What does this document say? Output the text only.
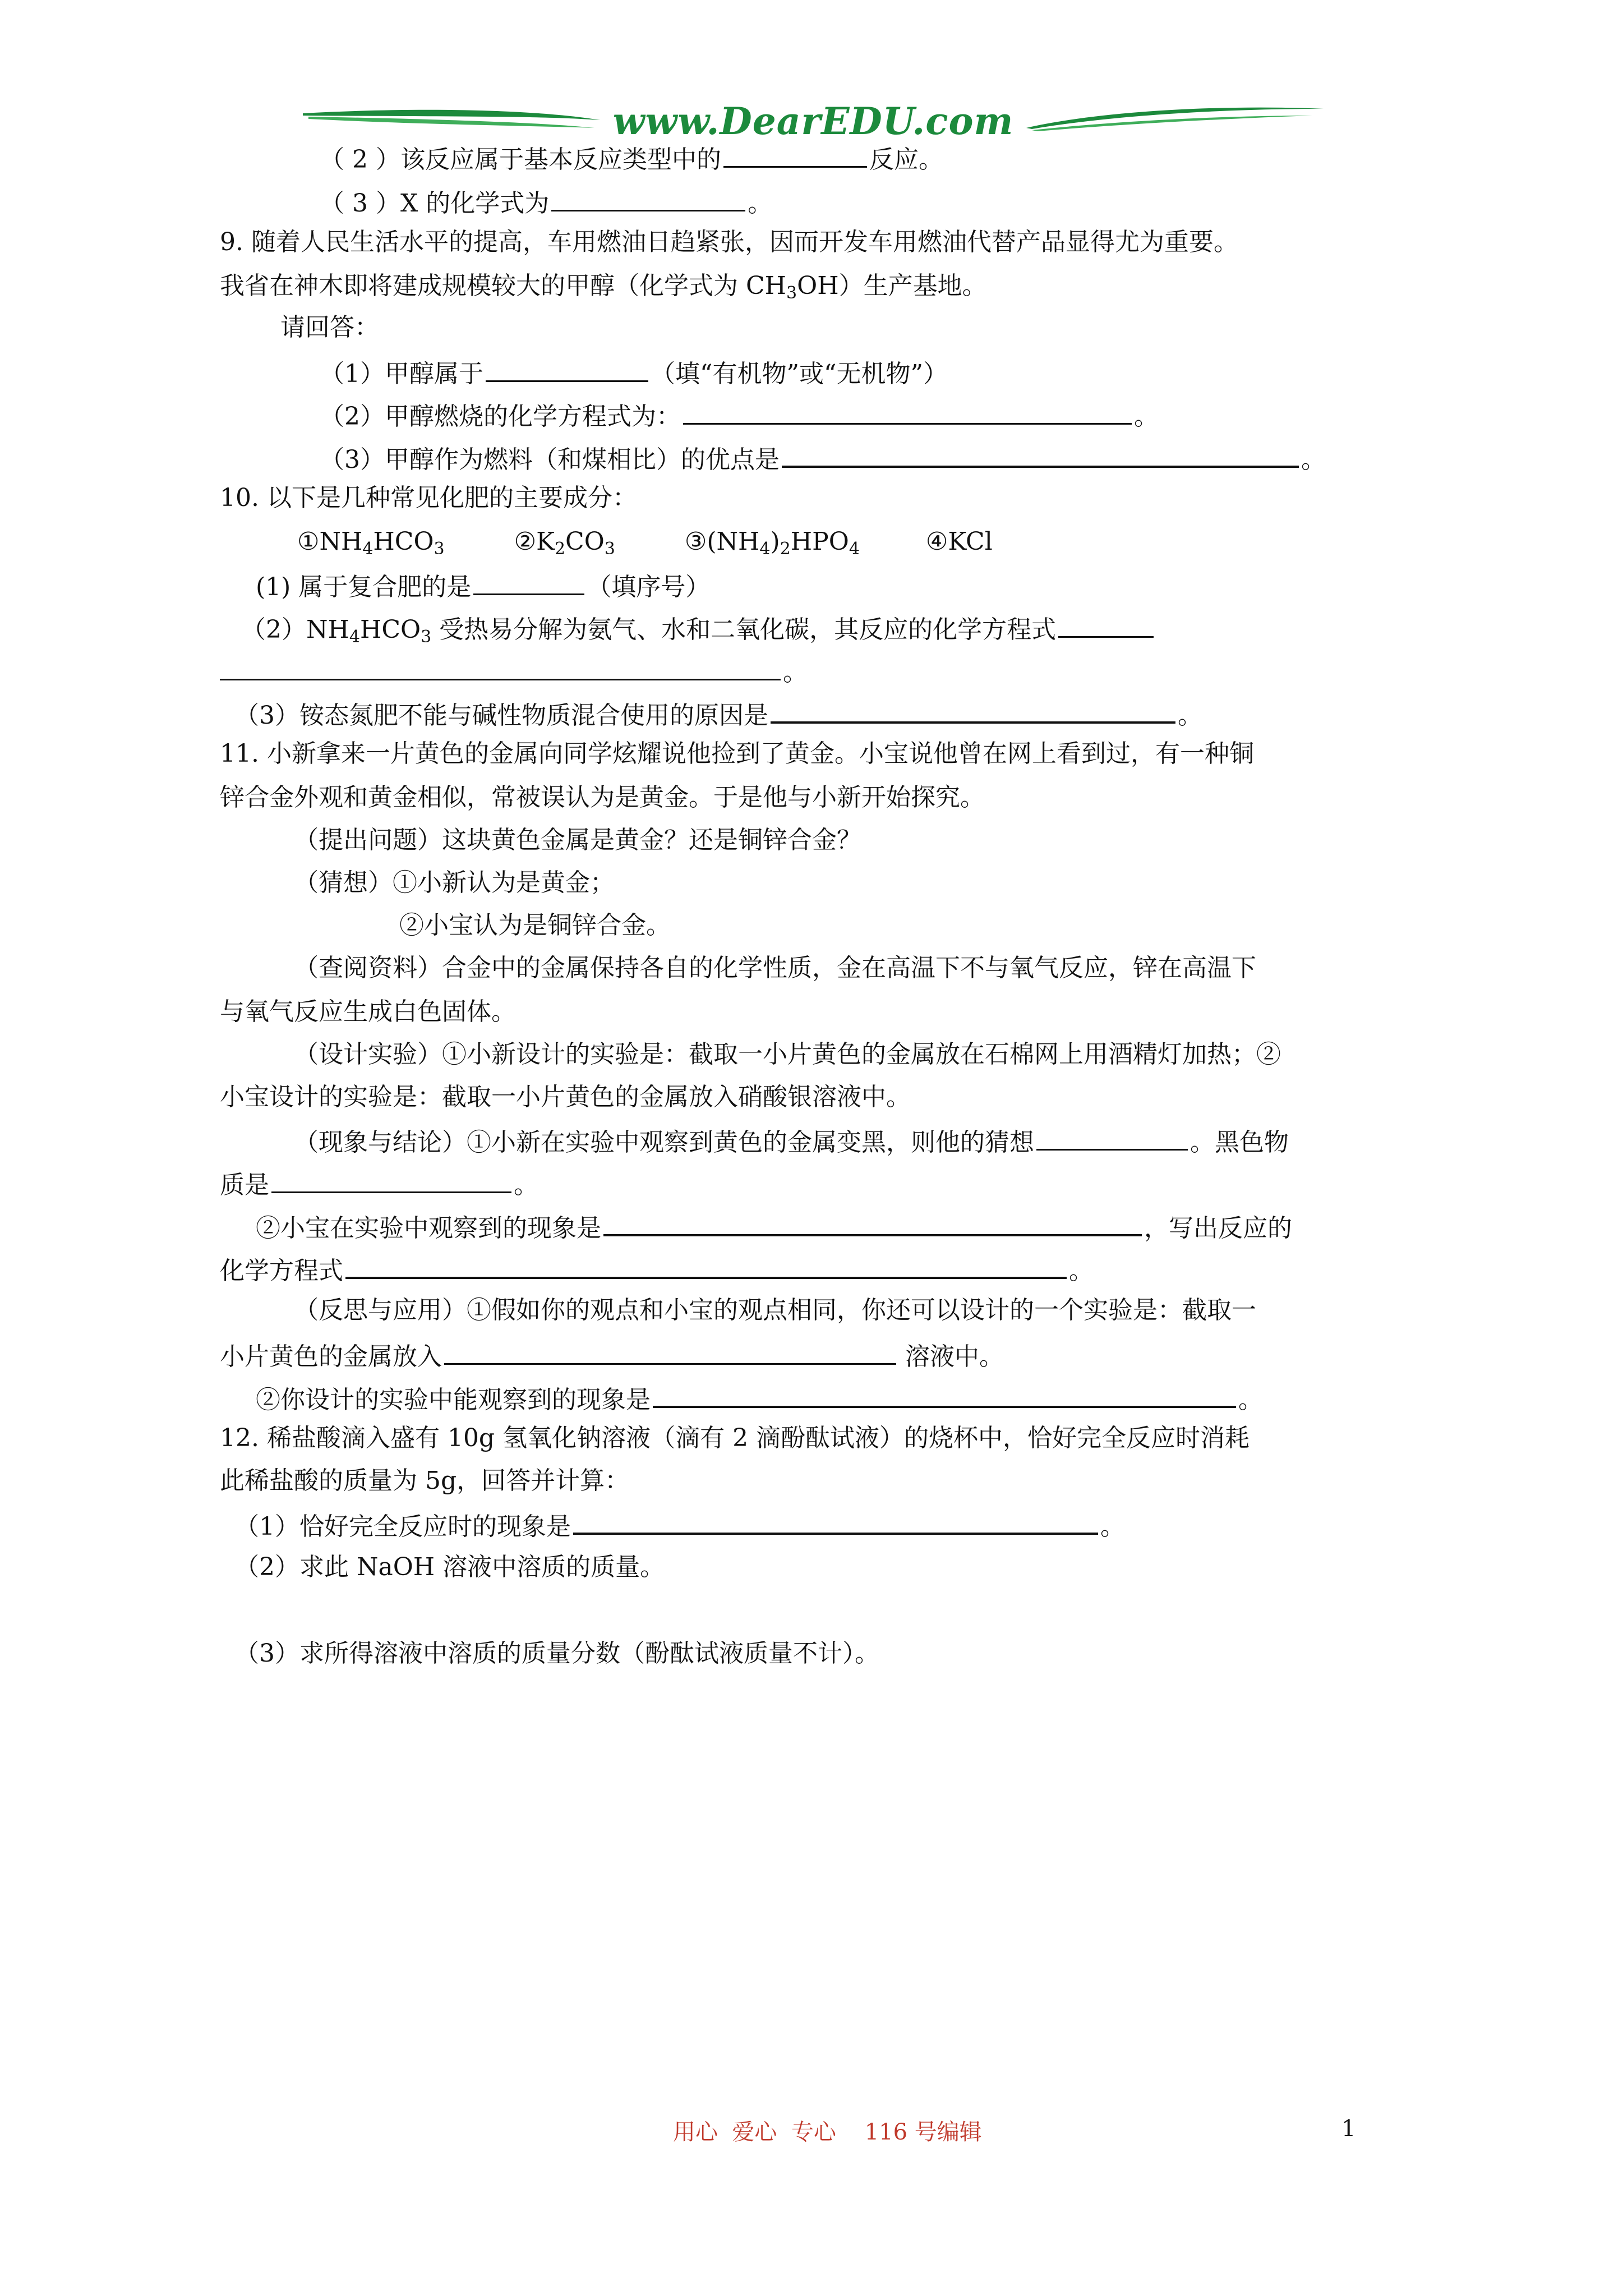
www.DearEDU.com
（ 2 ）该反应属于基本反应类型中的	反应。
（ 3 ）X 的化学式为	。
9. 随着人民生活水平的提高，车用燃油日趋紧张，因而开发车用燃油代替产品显得尤为重要。
我省在神木即将建成规模较大的甲醇（化学式为 $CH_3OH$）生产基地。
请回答：
（1）甲醇属于	（填“有机物”或“无机物”）
（2）甲醇燃烧的化学方程式为：	。
（3）甲醇作为燃料（和煤相比）的优点是	。
10. 以下是几种常见化肥的主要成分：
$①NH_4HCO_3$	$②K_2CO_3$	$③(NH_4)_2HPO_4$	④KCl
(1) 属于复合肥的是	（填序号）
$(2)NH_4HCO_3$ 受热易分解为氨气、水和二氧化碳，其反应的化学方程式
。
（3）铵态氮肥不能与碱性物质混合使用的原因是	。
11. 小新拿来一片黄色的金属向同学炫耀说他捡到了黄金。小宝说他曾在网上看到过，有一种铜
锌合金外观和黄金相似，常被误认为是黄金。于是他与小新开始探究。
（提出问题）这块黄色金属是黄金？还是铜锌合金？
（猜想）①小新认为是黄金；
②小宝认为是铜锌合金。
（查阅资料）合金中的金属保持各自的化学性质，金在高温下不与氧气反应，锌在高温下
与氧气反应生成白色固体。
（设计实验）①小新设计的实验是：截取一小片黄色的金属放在石棉网上用酒精灯加热；②
小宝设计的实验是：截取一小片黄色的金属放入硝酸银溶液中。
（现象与结论）①小新在实验中观察到黄色的金属变黑，则他的猜想	。黑色物
质是	。
②小宝在实验中观察到的现象是	，写出反应的
化学方程式	。
（反思与应用）①假如你的观点和小宝的观点相同，你还可以设计的一个实验是：截取一
小片黄色的金属放入	溶液中。
②你设计的实验中能观察到的现象是	。
12. 稀盐酸滴入盛有 10g 氢氧化钠溶液（滴有 2 滴酚酞试液）的烧杯中，恰好完全反应时消耗
此稀盐酸的质量为 5g，回答并计算：
（1）恰好完全反应时的现象是	。
（2）求此 NaOH 溶液中溶质的质量。
（3）求所得溶液中溶质的质量分数（酚酞试液质量不计）。
用心  爱心  专心    116 号编辑	1
